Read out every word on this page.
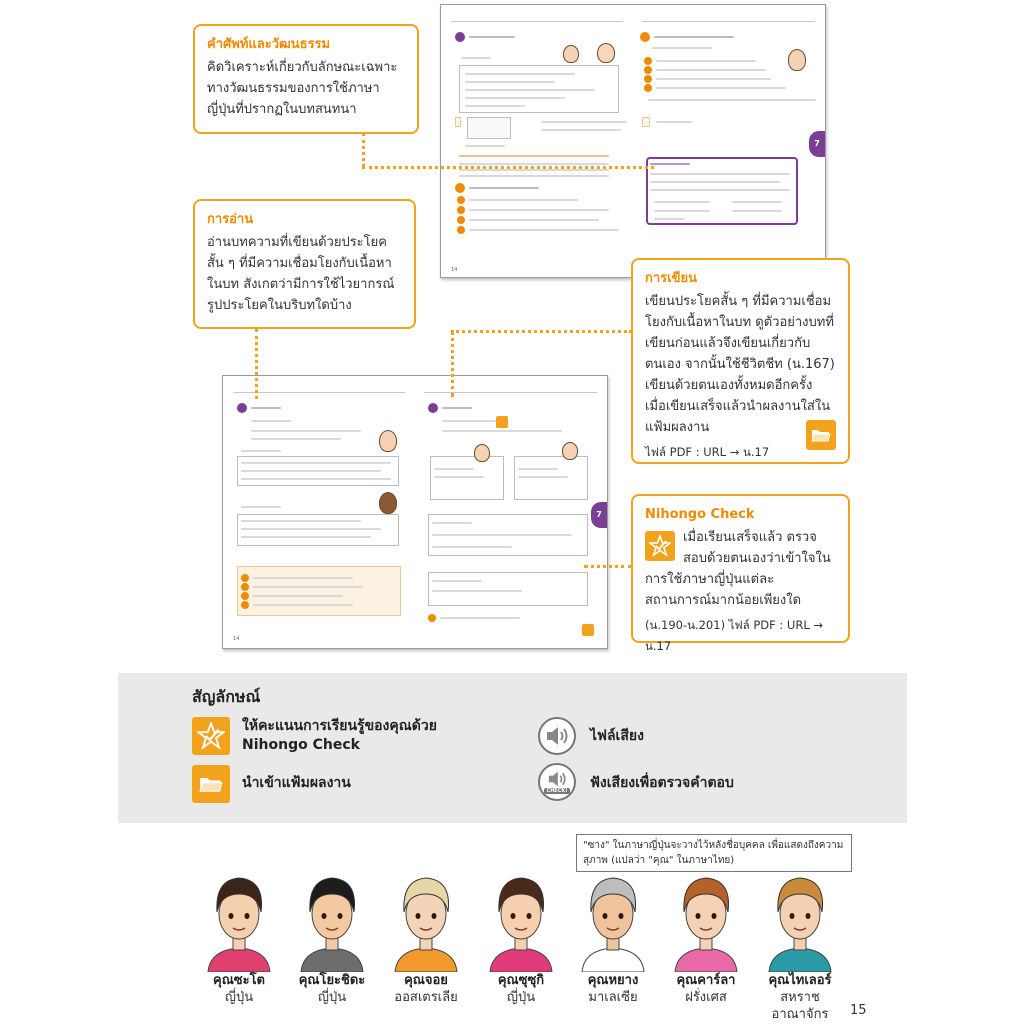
14
7
14
7
คำศัพท์และวัฒนธรรม
คิดวิเคราะห์เกี่ยวกับลักษณะเฉพาะทางวัฒนธรรมของการใช้ภาษาญี่ปุ่นที่ปรากฏในบทสนทนา
การอ่าน
อ่านบทความที่เขียนด้วยประโยคสั้น ๆ ที่มีความเชื่อมโยงกับเนื้อหาในบท สังเกตว่ามีการใช้ไวยากรณ์ รูปประโยคในบริบทใดบ้าง
การเขียน
เขียนประโยคสั้น ๆ ที่มีความเชื่อมโยงกับเนื้อหาในบท ดูตัวอย่างบทที่เขียนก่อนแล้วจึงเขียนเกี่ยวกับตนเอง จากนั้นใช้ชีวิตชีท (น.167) เขียนด้วยตนเองทั้งหมดอีกครั้ง เมื่อเขียนเสร็จแล้วนำผลงานใส่ในแฟ้มผลงาน
ไฟล์ PDF : URL → น.17
Nihongo Check
เมื่อเรียนเสร็จแล้ว ตรวจสอบด้วยตนเองว่าเข้าใจในการใช้ภาษาญี่ปุ่นแต่ละสถานการณ์มากน้อยเพียงใด
(น.190-น.201) ไฟล์ PDF : URL → น.17
สัญลักษณ์
ให้คะแนนการเรียนรู้ของคุณด้วย
Nihongo Check
นำเข้าแฟ้มผลงาน
ไฟล์เสียง
CHECK! ฟังเสียงเพื่อตรวจคำตอบ
"ซาง" ในภาษาญี่ปุ่นจะวางไว้หลังชื่อบุคคล เพื่อแสดงถึงความสุภาพ (แปลว่า "คุณ" ในภาษาไทย)
คุณซะโต
ญี่ปุ่น
คุณโยะชิดะ
ญี่ปุ่น
คุณจอย
ออสเตรเลีย
คุณซุซุกิ
ญี่ปุ่น
คุณหยาง
มาเลเซีย
คุณคาร์ลา
ฝรั่งเศส
คุณไทเลอร์
สหราชอาณาจักร	15
